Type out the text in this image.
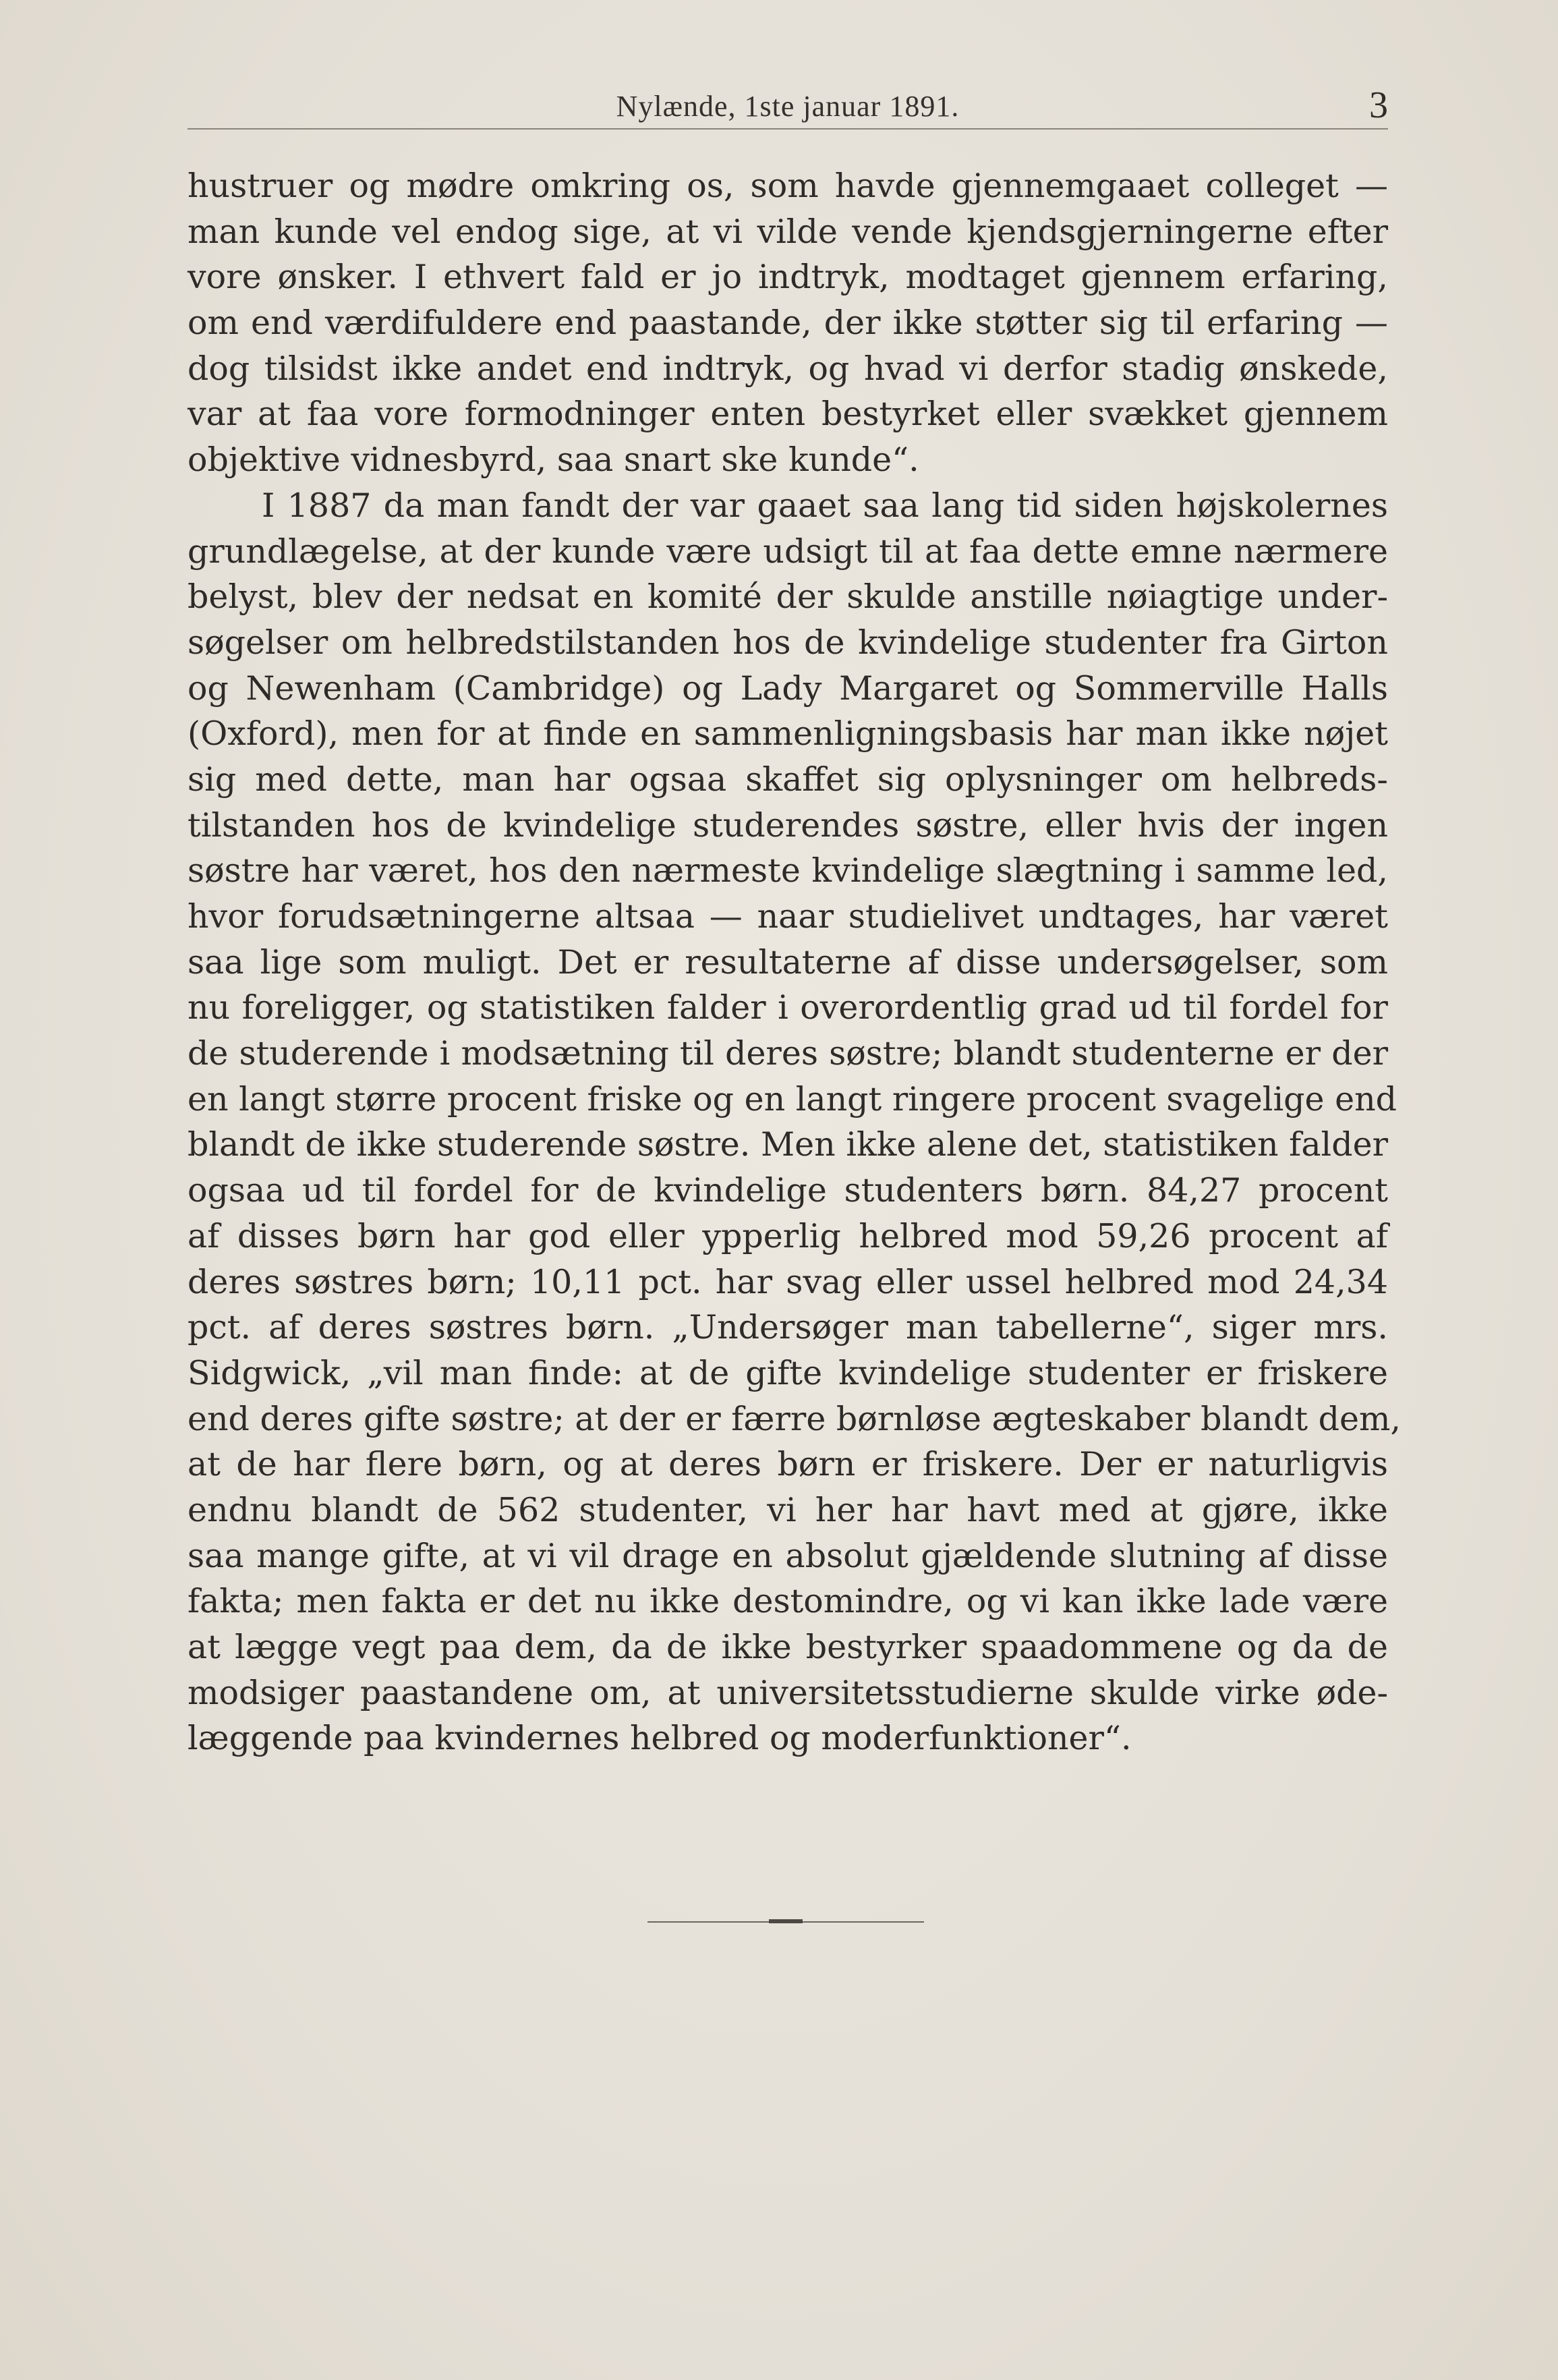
Nylænde, 1ste januar 1891.	3
hustruer og mødre omkring os, som havde gjennemgaaet colleget —
man kunde vel endog sige, at vi vilde vende kjendsgjerningerne efter
vore ønsker. I ethvert fald er jo indtryk, modtaget gjennem erfaring,
om end værdifuldere end paastande, der ikke støtter sig til erfaring —
dog tilsidst ikke andet end indtryk, og hvad vi derfor stadig ønskede,
var at faa vore formodninger enten bestyrket eller svækket gjennem
objektive vidnesbyrd, saa snart ske kunde“.
I 1887 da man fandt der var gaaet saa lang tid siden højskolernes
grundlægelse, at der kunde være udsigt til at faa dette emne nærmere
belyst, blev der nedsat en komité der skulde anstille nøiagtige under-
søgelser om helbredstilstanden hos de kvindelige studenter fra Girton
og Newenham (Cambridge) og Lady Margaret og Sommerville Halls
(Oxford), men for at finde en sammenligningsbasis har man ikke nøjet
sig med dette, man har ogsaa skaffet sig oplysninger om helbreds-
tilstanden hos de kvindelige studerendes søstre, eller hvis der ingen
søstre har været, hos den nærmeste kvindelige slægtning i samme led,
hvor forudsætningerne altsaa — naar studielivet undtages, har været
saa lige som muligt. Det er resultaterne af disse undersøgelser, som
nu foreligger, og statistiken falder i overordentlig grad ud til fordel for
de studerende i modsætning til deres søstre; blandt studenterne er der
en langt større procent friske og en langt ringere procent svagelige end
blandt de ikke studerende søstre. Men ikke alene det, statistiken falder
ogsaa ud til fordel for de kvindelige studenters børn. 84,27 procent
af disses børn har god eller ypperlig helbred mod 59,26 procent af
deres søstres børn; 10,11 pct. har svag eller ussel helbred mod 24,34
pct. af deres søstres børn. „Undersøger man tabellerne“, siger mrs.
Sidgwick, „vil man finde: at de gifte kvindelige studenter er friskere
end deres gifte søstre; at der er færre børnløse ægteskaber blandt dem,
at de har flere børn, og at deres børn er friskere. Der er naturligvis
endnu blandt de 562 studenter, vi her har havt med at gjøre, ikke
saa mange gifte, at vi vil drage en absolut gjældende slutning af disse
fakta; men fakta er det nu ikke destomindre, og vi kan ikke lade være
at lægge vegt paa dem, da de ikke bestyrker spaadommene og da de
modsiger paastandene om, at universitetsstudierne skulde virke øde-
læggende paa kvindernes helbred og moderfunktioner“.
